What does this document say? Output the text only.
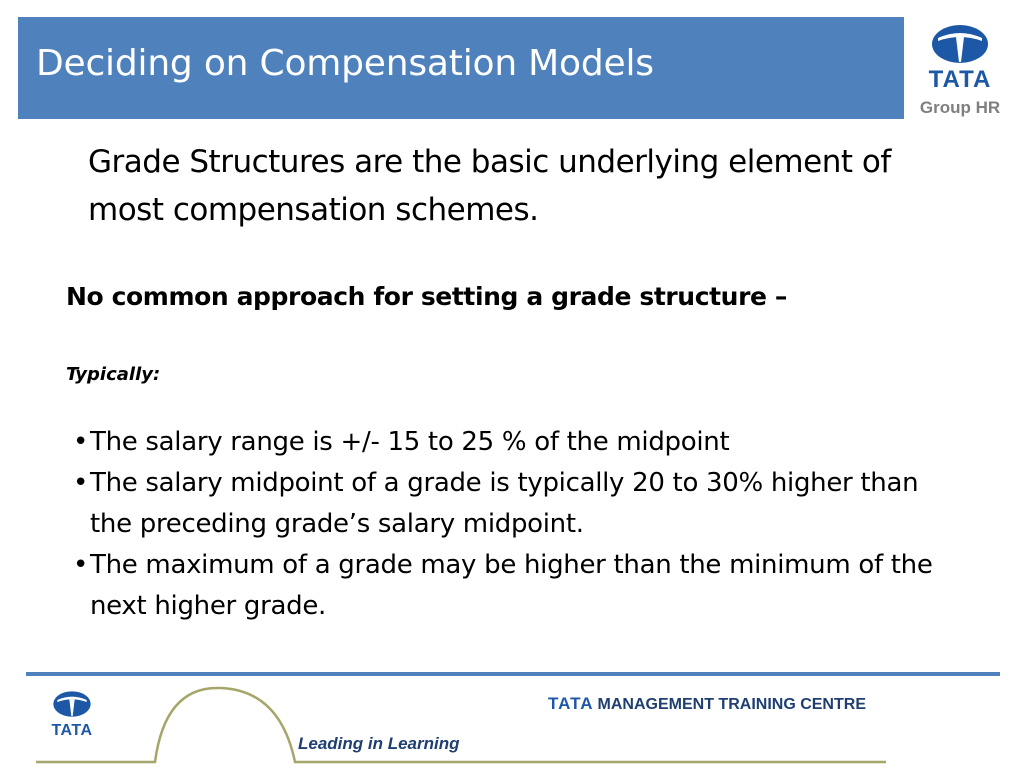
Deciding on Compensation Models	TATA
Group HR
Grade Structures are the basic underlying element of most compensation schemes.
No common approach for setting a grade structure –
Typically:
• The salary range is +/- 15 to 25 % of the midpoint
• The salary midpoint of a grade is typically 20 to 30% higher than the preceding grade’s salary midpoint.
• The maximum of a grade may be higher than the minimum of the next higher grade.
TATA
TATA MANAGEMENT TRAINING CENTRE
Leading in Learning
